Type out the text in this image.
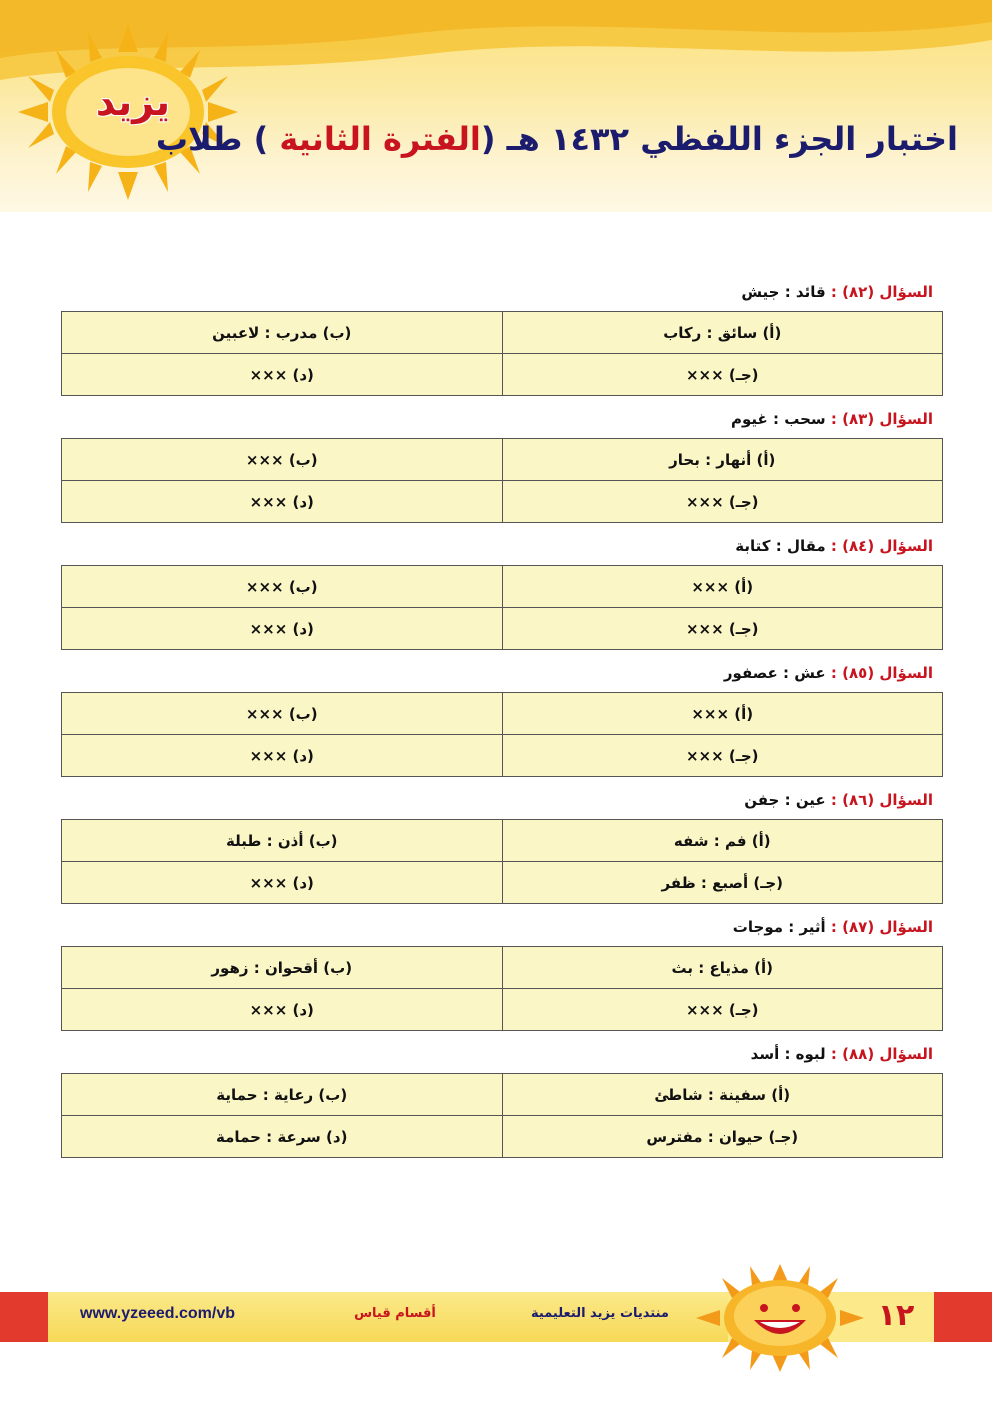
يزيد
اختبار الجزء اللفظي ١٤٣٢ هـ (الفترة الثانية ) طلاب
السؤال (٨٢) : قائد : جيش
(أ) سائق : ركاب	(ب) مدرب : لاعبين
(جـ) ×××	(د) ×××
السؤال (٨٣) : سحب : غيوم
(أ) أنهار : بحار	(ب) ×××
(جـ) ×××	(د) ×××
السؤال (٨٤) : مقال : كتابة
(أ) ×××	(ب) ×××
(جـ) ×××	(د) ×××
السؤال (٨٥) : عش : عصفور
(أ) ×××	(ب) ×××
(جـ) ×××	(د) ×××
السؤال (٨٦) : عين : جفن
(أ) فم : شفه	(ب) أذن : طبلة
(جـ) أصبع : ظفر	(د) ×××
السؤال (٨٧) : أثير : موجات
(أ) مذياع : بث	(ب) أقحوان : زهور
(جـ) ×××	(د) ×××
السؤال (٨٨) : لبوه : أسد
(أ) سفينة : شاطئ	(ب) رعاية : حماية
(جـ) حيوان : مفترس	(د) سرعة : حمامة
www.yzeeed.com/vb	أقسام قياس	منتديات يزيد التعليمية	١٢
